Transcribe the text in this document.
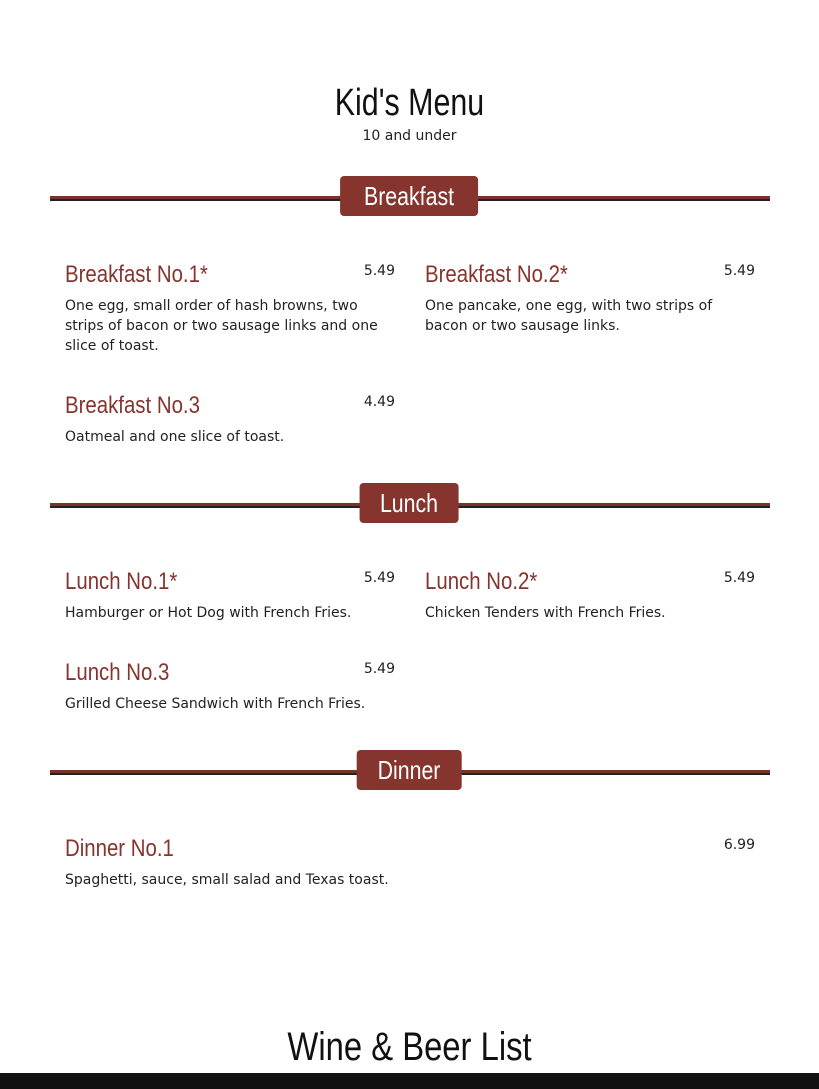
Kid's Menu
10 and under
Breakfast
Breakfast No.1*	5.49
One egg, small order of hash browns, two strips of bacon or two sausage links and one slice of toast.
Breakfast No.2*	5.49
One pancake, one egg, with two strips of bacon or two sausage links.
Breakfast No.3	4.49
Oatmeal and one slice of toast.
Lunch
Lunch No.1*	5.49
Hamburger or Hot Dog with French Fries.
Lunch No.2*	5.49
Chicken Tenders with French Fries.
Lunch No.3	5.49
Grilled Cheese Sandwich with French Fries.
Dinner
Dinner No.1	6.99
Spaghetti, sauce, small salad and Texas toast.
Wine & Beer List
